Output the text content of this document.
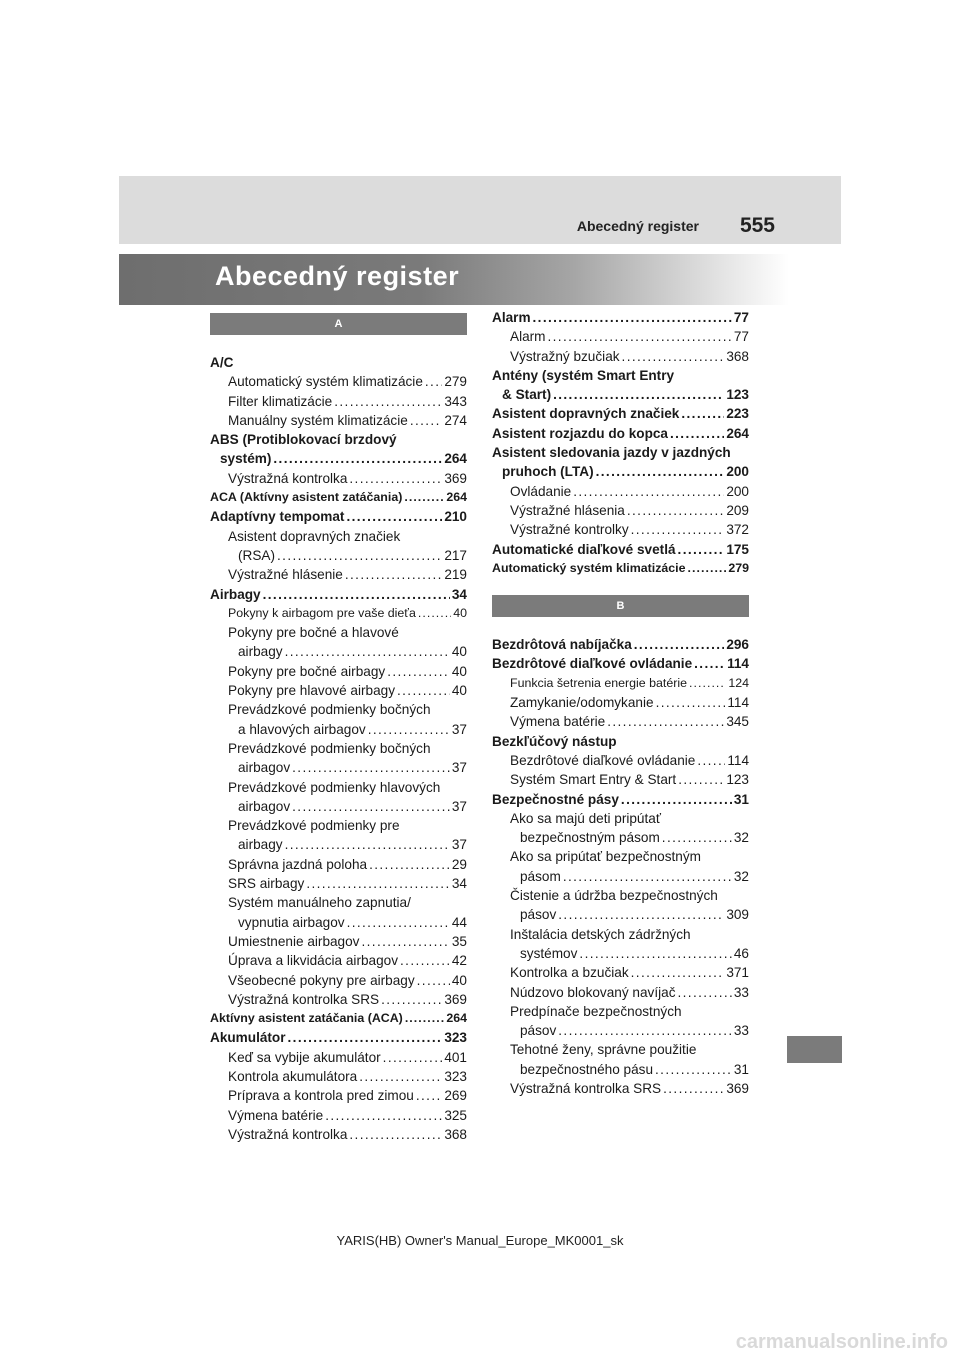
Abecedný register 555
Abecedný register
A
A/C
Automatický systém klimatizácie . . . 279
Filter klimatizácie . . .	343
Manuálny systém klimatizácie . . .	274
ABS (Protiblokovací brzdový
systém) . . .	264
Výstražná kontrolka . . .	369
ACA (Aktívny asistent zatáčania) . . .	264
Adaptívny tempomat . . .	210
Asistent dopravných značiek
(RSA) . . .	217
Výstražné hlásenie . . .	219
Airbagy . . .	34
Pokyny k airbagom pre vaše dieťa . . .	40
Pokyny pre bočné a hlavové
airbagy . . .	40
Pokyny pre bočné airbagy . . .	40
Pokyny pre hlavové airbagy . . .	40
Prevádzkové podmienky bočných
a hlavových airbagov . . .	37
Prevádzkové podmienky bočných
airbagov . . .	37
Prevádzkové podmienky hlavových
airbagov . . .	37
Prevádzkové podmienky pre
airbagy . . .	37
Správna jazdná poloha . . .	29
SRS airbagy . . .	34
Systém manuálneho zapnutia/
vypnutia airbagov . . .	44
Umiestnenie airbagov . . .	35
Úprava a likvidácia airbagov . . .	42
Všeobecné pokyny pre airbagy . . .	40
Výstražná kontrolka SRS . . .	369
Aktívny asistent zatáčania (ACA) . . .	264
Akumulátor . . .	323
Keď sa vybije akumulátor . . .	401
Kontrola akumulátora . . .	323
Príprava a kontrola pred zimou . . . 269
Výmena batérie . . .	325
Výstražná kontrolka . . .	368
Alarm . . .	77
Alarm . . .	77
Výstražný bzučiak . . .	368
Antény (systém Smart Entry
& Start) . . .	123
Asistent dopravných značiek . . .	223
Asistent rozjazdu do kopca . . .	264
Asistent sledovania jazdy v jazdných
pruhoch (LTA) . . .	200
Ovládanie . . .	200
Výstražné hlásenia . . .	209
Výstražné kontrolky . . .	372
Automatické diaľkové svetlá . . .	175
Automatický systém klimatizácie . . .	279
B
Bezdrôtová nabíjačka . . .	296
Bezdrôtové diaľkové ovládanie . . .	114
Funkcia šetrenia energie batérie . . .	124
Zamykanie/odomykanie . . .	114
Výmena batérie . . .	345
Bezkľúčový nástup
Bezdrôtové diaľkové ovládanie . . . 114
Systém Smart Entry & Start . . .	123
Bezpečnostné pásy . . .	31
Ako sa majú deti pripútať
bezpečnostným pásom . . .	32
Ako sa pripútať bezpečnostným
pásom . . .	32
Čistenie a údržba bezpečnostných
pásov . . .	309
Inštalácia detských zádržných
systémov . . .	46
Kontrolka a bzučiak . . .	371
Núdzovo blokovaný navíjač . . .	33
Predpínače bezpečnostných
pásov . . .	33
Tehotné ženy, správne použitie
bezpečnostného pásu . . .	31
Výstražná kontrolka SRS . . .	369
YARIS(HB) Owner's Manual_Europe_MK0001_sk
carmanualsonline.info
